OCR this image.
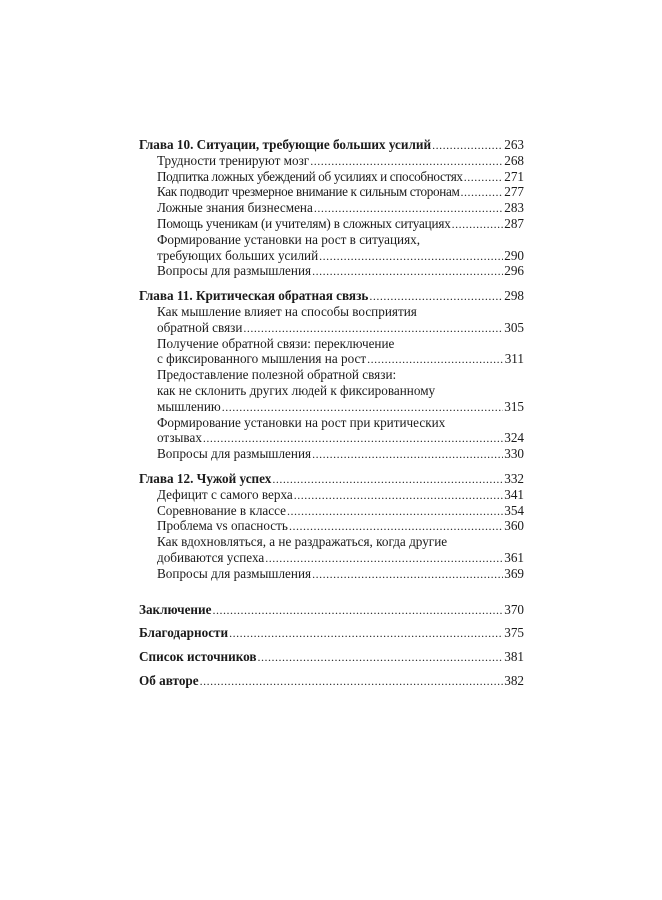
Глава 10. Ситуации, требующие больших усилий .....	263
Трудности тренируют мозг .....	268
Подпитка ложных убеждений об усилиях и способностях .....	271
Как подводит чрезмерное внимание к сильным сторонам .....	277
Ложные знания бизнесмена .....	283
Помощь ученикам (и учителям) в сложных ситуациях .....	287
Формирование установки на рост в ситуациях,
требующих больших усилий .....	290
Вопросы для размышления .....	296
Глава 11. Критическая обратная связь .....	298
Как мышление влияет на способы восприятия
обратной связи .....	305
Получение обратной связи: переключение
с фиксированного мышления на рост .....	311
Предоставление полезной обратной связи:
как не склонить других людей к фиксированному
мышлению .....	315
Формирование установки на рост при критических
отзывах .....	324
Вопросы для размышления .....	330
Глава 12. Чужой успех .....	332
Дефицит с самого верха .....	341
Соревнование в классе .....	354
Проблема vs опасность .....	360
Как вдохновляться, а не раздражаться, когда другие
добиваются успеха .....	361
Вопросы для размышления .....	369
Заключение .....	370
Благодарности .....	375
Список источников .....	381
Об авторе .....	382
